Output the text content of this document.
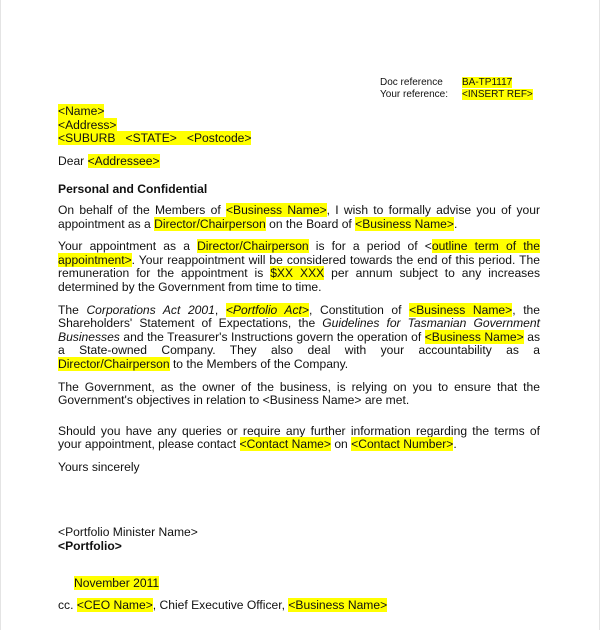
Doc reference BA-TP1117
Your reference: <INSERT REF>
<Name>
<Address>
<SUBURB   <STATE>   <Postcode>
Dear <Addressee>
Personal and Confidential

On behalf of the Members of <Business Name>, I wish to formally advise you of your appointment as a Director/Chairperson on the Board of <Business Name>.

Your appointment as a Director/Chairperson is for a period of <outline term of the appointment>. Your reappointment will be considered towards the end of this period. The remuneration for the appointment is $XX XXX per annum subject to any increases determined by the Government from time to time.

The Corporations Act 2001, <Portfolio Act>, Constitution of <Business Name>, the Shareholders' Statement of Expectations, the Guidelines for Tasmanian Government Businesses and the Treasurer's Instructions govern the operation of <Business Name> as a State-owned Company. They also deal with your accountability as a Director/Chairperson to the Members of the Company.

The Government, as the owner of the business, is relying on you to ensure that the Government's objectives in relation to <Business Name> are met.

Should you have any queries or require any further information regarding the terms of your appointment, please contact <Contact Name> on <Contact Number>.

Yours sincerely
<Portfolio Minister Name>
<Portfolio>
November 2011
cc. <CEO Name>, Chief Executive Officer, <Business Name>
